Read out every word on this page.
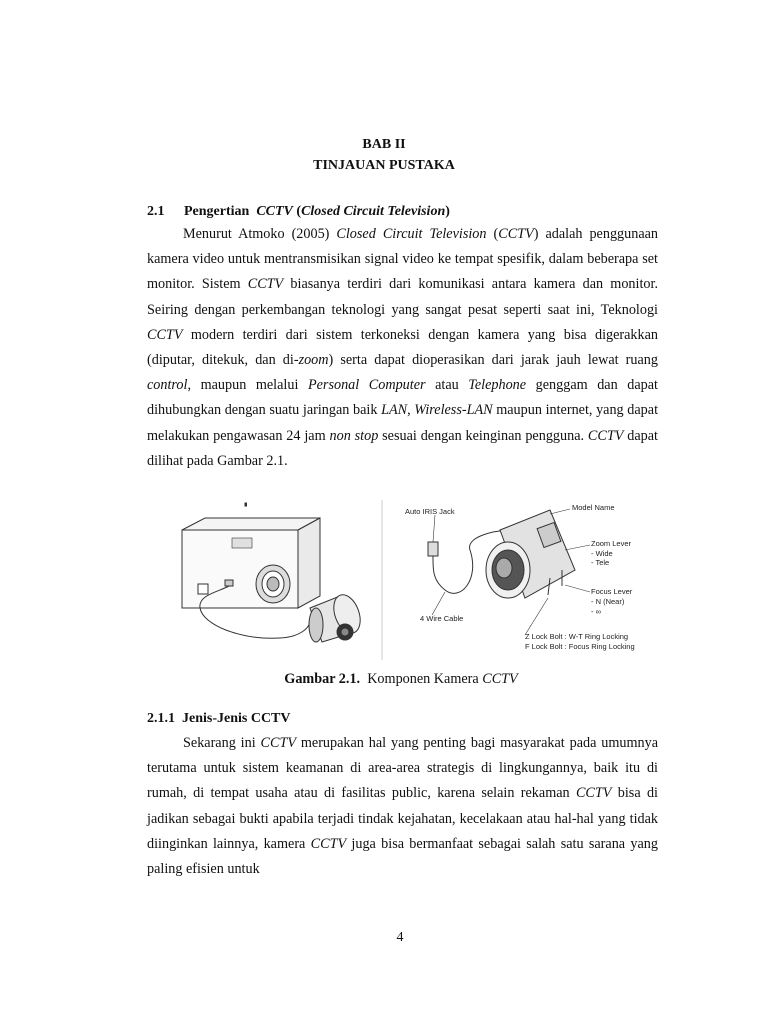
BAB II
TINJAUAN PUSTAKA
2.1 Pengertian CCTV (Closed Circuit Television)

Menurut Atmoko (2005) Closed Circuit Television (CCTV) adalah penggunaan kamera video untuk mentransmisikan signal video ke tempat spesifik, dalam beberapa set monitor. Sistem CCTV biasanya terdiri dari komunikasi antara kamera dan monitor. Seiring dengan perkembangan teknologi yang sangat pesat seperti saat ini, Teknologi CCTV modern terdiri dari sistem terkoneksi dengan kamera yang bisa digerakkan (diputar, ditekuk, dan di-zoom) serta dapat dioperasikan dari jarak jauh lewat ruang control, maupun melalui Personal Computer atau Telephone genggam dan dapat dihubungkan dengan suatu jaringan baik LAN, Wireless-LAN maupun internet, yang dapat melakukan pengawasan 24 jam non stop sesuai dengan keinginan pengguna. CCTV dapat dilihat pada Gambar 2.1.

Auto IRIS Jack	Model Name
Zoom Lever
- Wide
- Tele
Focus Lever
- N (Near)
- ∞
4 Wire Cable
Z Lock Bolt : W-T Ring Locking
F Lock Bolt : Focus Ring Locking
Gambar 2.1. Komponen Kamera CCTV
2.1.1 Jenis-Jenis CCTV

Sekarang ini CCTV merupakan hal yang penting bagi masyarakat pada umumnya terutama untuk sistem keamanan di area-area strategis di lingkungannya, baik itu di rumah, di tempat usaha atau di fasilitas public, karena selain rekaman CCTV bisa di jadikan sebagai bukti apabila terjadi tindak kejahatan, kecelakaan atau hal-hal yang tidak diinginkan lainnya, kamera CCTV juga bisa bermanfaat sebagai salah satu sarana yang paling efisien untuk

4
